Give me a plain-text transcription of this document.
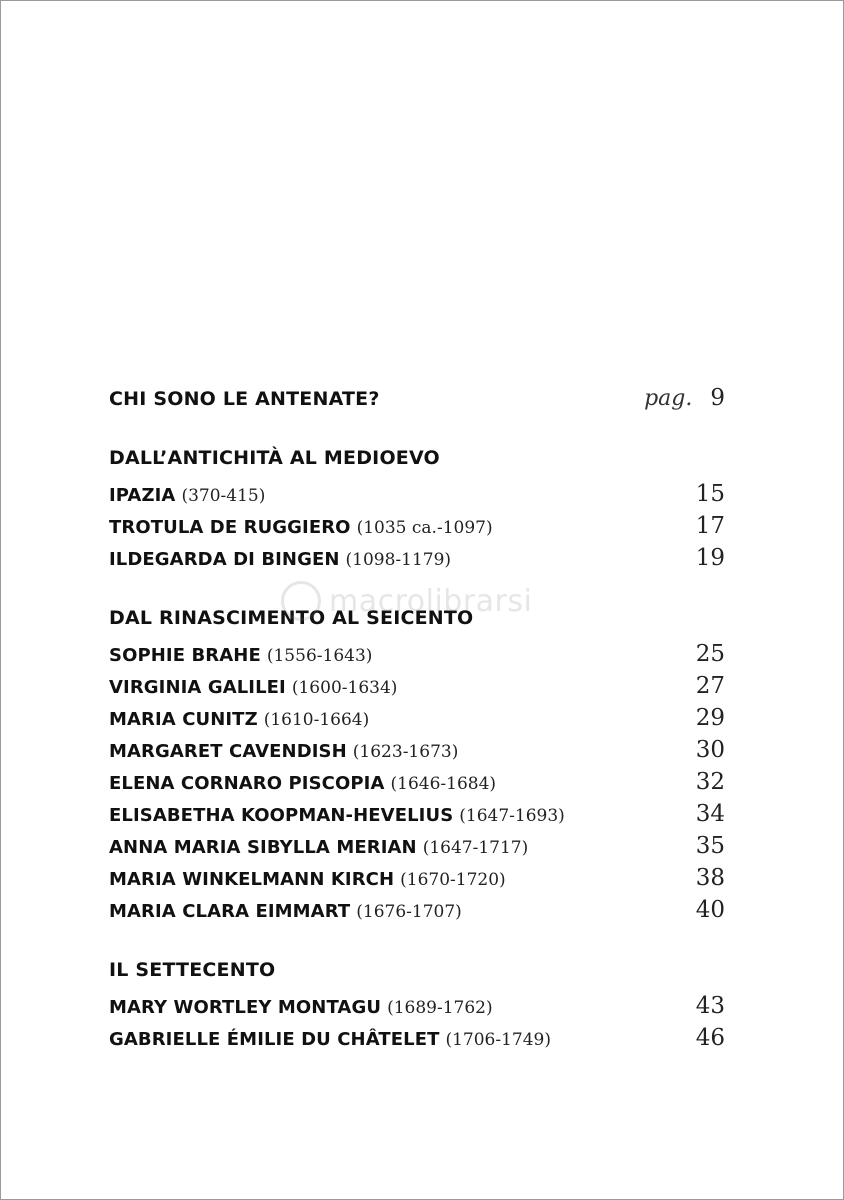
CHI SONO LE ANTENATE?	pag. 9
DALL’ANTICHITÀ AL MEDIOEVO
IPAZIA (370-415)	15
TROTULA DE RUGGIERO (1035 ca.-1097)	17
ILDEGARDA DI BINGEN (1098-1179)	19
DAL RINASCIMENTO AL SEICENTO
SOPHIE BRAHE (1556-1643)	25
VIRGINIA GALILEI (1600-1634)	27
MARIA CUNITZ (1610-1664)	29
MARGARET CAVENDISH (1623-1673)	30
ELENA CORNARO PISCOPIA (1646-1684)	32
ELISABETHA KOOPMAN-HEVELIUS (1647-1693)	34
ANNA MARIA SIBYLLA MERIAN (1647-1717)	35
MARIA WINKELMANN KIRCH (1670-1720)	38
MARIA CLARA EIMMART (1676-1707)	40
IL SETTECENTO
MARY WORTLEY MONTAGU (1689-1762)	43
GABRIELLE ÉMILIE DU CHÂTELET (1706-1749)	46
macrolibrarsi
